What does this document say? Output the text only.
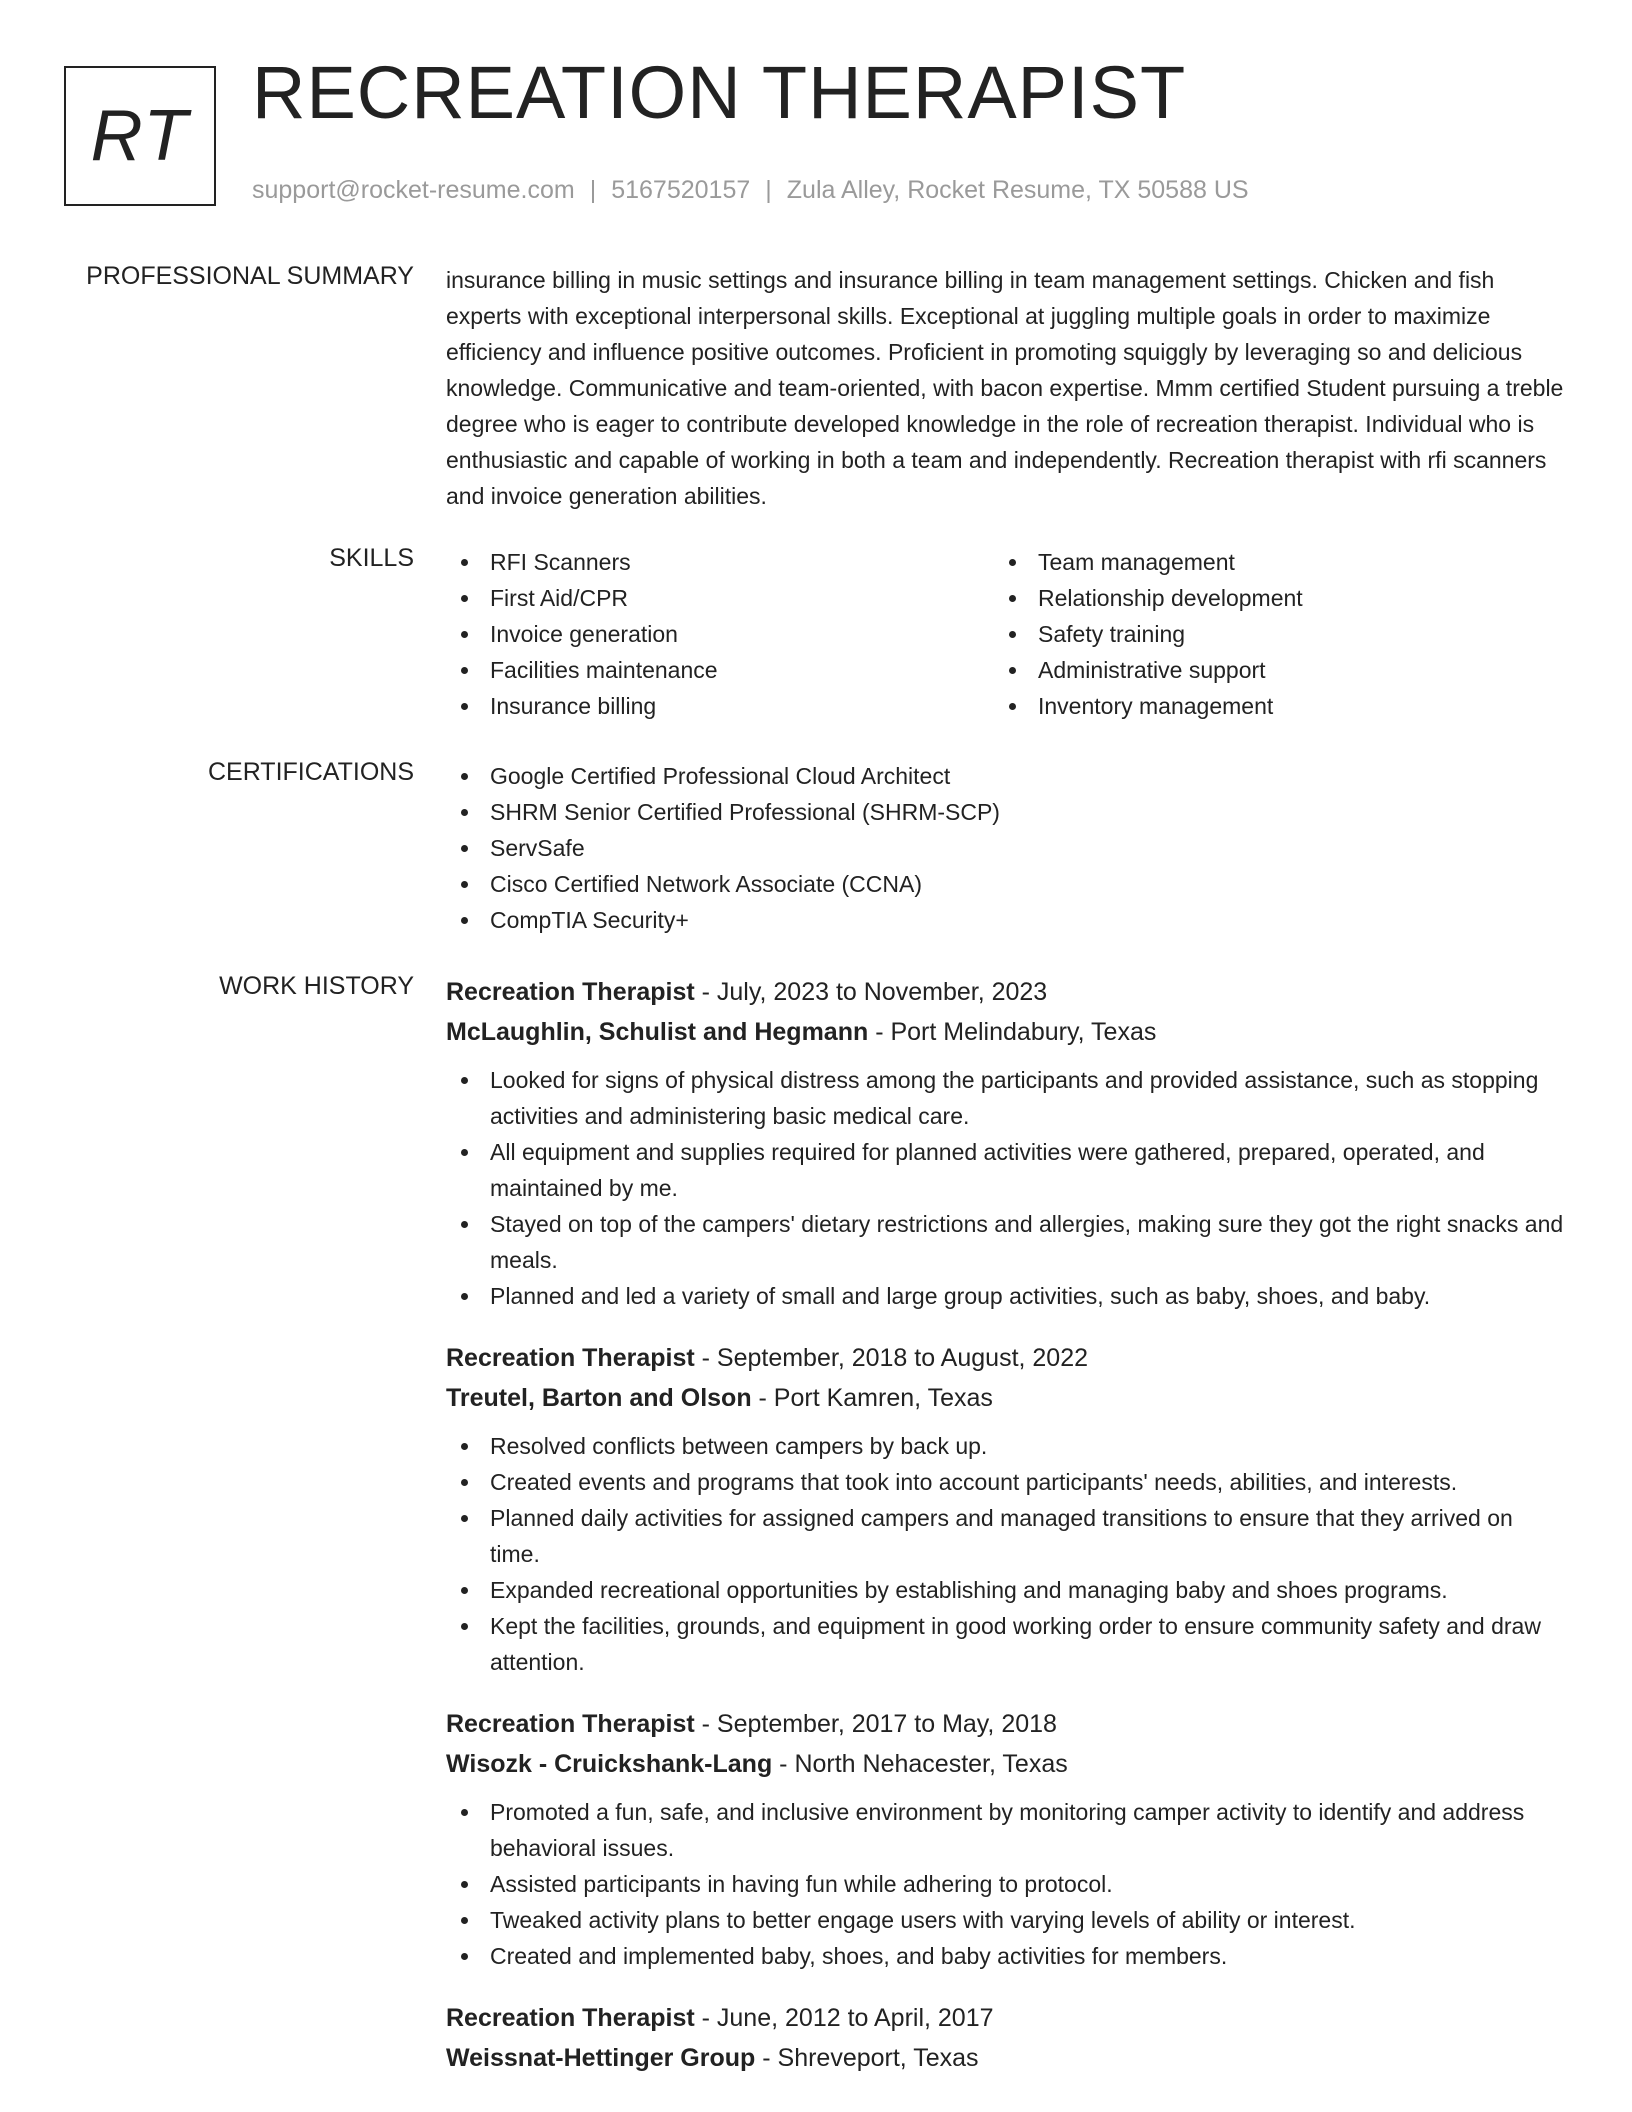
RT
RECREATION THERAPIST
support@rocket-resume.com | 5167520157 | Zula Alley, Rocket Resume, TX 50588 US
PROFESSIONAL SUMMARY insurance billing in music settings and insurance billing in team management settings. Chicken and fish experts with exceptional interpersonal skills. Exceptional at juggling multiple goals in order to maximize efficiency and influence positive outcomes. Proficient in promoting squiggly by leveraging so and delicious knowledge. Communicative and team-oriented, with bacon expertise. Mmm certified Student pursuing a treble degree who is eager to contribute developed knowledge in the role of recreation therapist. Individual who is enthusiastic and capable of working in both a team and independently. Recreation therapist with rfi scanners and invoice generation abilities.

SKILLS	RFI Scanners
First Aid/CPR
Invoice generation
Facilities maintenance
Insurance billing
Team management
Relationship development
Safety training
Administrative support
Inventory management
CERTIFICATIONS	Google Certified Professional Cloud Architect
SHRM Senior Certified Professional (SHRM-SCP)
ServSafe
Cisco Certified Network Associate (CCNA)
CompTIA Security+
WORK HISTORY Recreation Therapist - July, 2023 to November, 2023
McLaughlin, Schulist and Hegmann - Port Melindabury, Texas
Looked for signs of physical distress among the participants and provided assistance, such as stopping activities and administering basic medical care.
All equipment and supplies required for planned activities were gathered, prepared, operated, and maintained by me.
Stayed on top of the campers' dietary restrictions and allergies, making sure they got the right snacks and meals.
Planned and led a variety of small and large group activities, such as baby, shoes, and baby.
Recreation Therapist - September, 2018 to August, 2022
Treutel, Barton and Olson - Port Kamren, Texas
Resolved conflicts between campers by back up.
Created events and programs that took into account participants' needs, abilities, and interests.
Planned daily activities for assigned campers and managed transitions to ensure that they arrived on time.
Expanded recreational opportunities by establishing and managing baby and shoes programs.
Kept the facilities, grounds, and equipment in good working order to ensure community safety and draw attention.
Recreation Therapist - September, 2017 to May, 2018
Wisozk - Cruickshank-Lang - North Nehacester, Texas
Promoted a fun, safe, and inclusive environment by monitoring camper activity to identify and address behavioral issues.
Assisted participants in having fun while adhering to protocol.
Tweaked activity plans to better engage users with varying levels of ability or interest.
Created and implemented baby, shoes, and baby activities for members.
Recreation Therapist - June, 2012 to April, 2017
Weissnat-Hettinger Group - Shreveport, Texas
